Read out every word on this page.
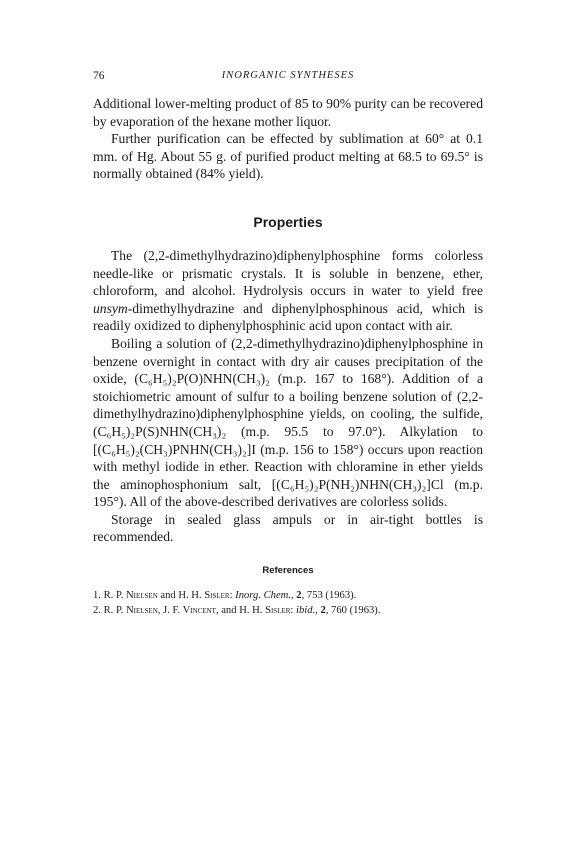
76	INORGANIC SYNTHESES

Additional lower-melting product of 85 to 90% purity can be recovered by evaporation of the hexane mother liquor.

Further purification can be effected by sublimation at 60° at 0.1 mm. of Hg. About 55 g. of purified product melting at 68.5 to 69.5° is normally obtained (84% yield).

Properties

The (2,2-dimethylhydrazino)diphenylphosphine forms colorless needle-like or prismatic crystals. It is soluble in benzene, ether, chloroform, and alcohol. Hydrolysis occurs in water to yield free unsym-dimethylhydrazine and diphenylphosphinous acid, which is readily oxidized to diphenylphosphinic acid upon contact with air.

Boiling a solution of (2,2-dimethylhydrazino)diphenylphosphine in benzene overnight in contact with dry air causes precipitation of the oxide, (C₆H₅)₂P(O)NHN(CH₃)₂ (m.p. 167 to 168°). Addition of a stoichiometric amount of sulfur to a boiling benzene solution of (2,2-dimethylhydrazino)diphenylphosphine yields, on cooling, the sulfide, (C₆H₅)₂P(S)NHN(CH₃)₂ (m.p. 95.5 to 97.0°). Alkylation to [(C₆H₅)₂(CH₃)PNHN(CH₃)₂]I (m.p. 156 to 158°) occurs upon reaction with methyl iodide in ether. Reaction with chloramine in ether yields the aminophosphonium salt, [(C₆H₅)₂P(NH₂)NHN(CH₃)₂]Cl (m.p. 195°). All of the above-described derivatives are colorless solids.

Storage in sealed glass ampuls or in air-tight bottles is recommended.

References
1. R. P. Nielsen and H. H. Sisler: Inorg. Chem., 2, 753 (1963).
2. R. P. Nielsen, J. F. Vincent, and H. H. Sisler: ibid., 2, 760 (1963).
